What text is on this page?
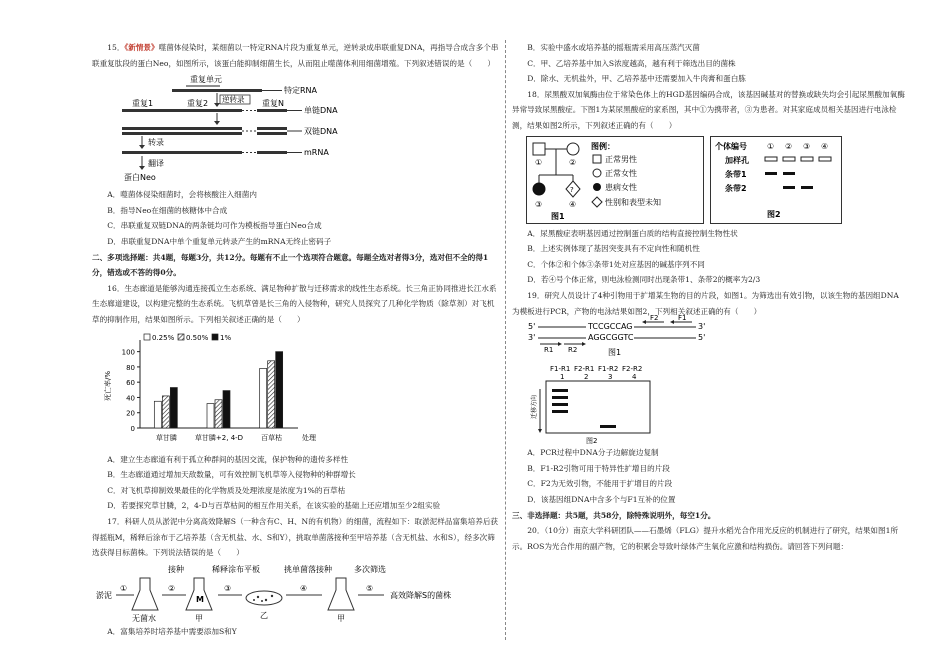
15．《新情景》噬菌体侵染时，某细菌以一特定RNA片段为重复单元，逆转录成串联重复DNA，再指导合成含多个串联重复肽段的蛋白Neo，如图所示，该蛋白能抑制细菌生长，从而阻止噬菌体利用细菌增殖。下列叙述错误的是（　　）

重复单元
特定RNA
逆转录
重复1	重复2	重复N
单链DNA
双链DNA
转录
mRNA
翻译
蛋白Neo

A．噬菌体侵染细菌时，会将核酸注入细菌内

B．指导Neo在细菌的核糖体中合成

C．串联重复双链DNA的两条链均可作为模板指导蛋白Neo合成

D．串联重复DNA中单个重复单元转录产生的mRNA无终止密码子

二、多项选择题：共4题，每题3分，共12分。每题有不止一个选项符合题意。每题全选对者得3分，选对但不全的得1分，错选或不答的得0分。

16．生态廊道是能够沟通连接孤立生态系统、满足物种扩散与迁移需求的线性生态系统。长三角正协同推进长江水系生态廊道建设，以构建完整的生态系统。飞机草曾是长三角的入侵物种，研究人员探究了几种化学物质（除草剂）对飞机草的抑制作用，结果如图所示。下列相关叙述正确的是（　　）

0
20
40
60
80
100
死亡率/%
处理
草甘膦	草甘膦+2, 4-D	百草枯
0.25% 0.50% 1%

A．建立生态廊道有利于孤立种群间的基因交流，保护物种的遗传多样性

B．生态廊道通过增加天敌数量，可有效控制飞机草等入侵物种的种群增长

C．对飞机草抑制效果最佳的化学物质及处理浓度是浓度为1%的百草枯

D．若要探究草甘膦，2，4-D与百草枯间的相互作用关系，在该实验的基础上还应增加至少2组实验

17．科研人员从淤泥中分离高效降解S（一种含有C、H、N的有机物）的细菌，流程如下：取淤泥样品富集培养后获得摇瓶M，稀释后涂布于乙培养基（含无机盐、水、S和Y），挑取单菌落接种至甲培养基（含无机盐、水和S），经多次筛选获得目标菌株。下列说法错误的是（　　）

淤泥
①
无菌水
接种
②
M
甲
稀释涂布平板
③
乙
挑单菌落接种
④
甲
多次筛选
⑤
高效降解S的菌株

A．富集培养时培养基中需要添加S和Y

B．实验中盛水或培养基的摇瓶需采用高压蒸汽灭菌

C．甲、乙培养基中加入S浓度越高，越有利于筛选出目的菌株

D．除水、无机盐外，甲、乙培养基中还需要加入牛肉膏和蛋白胨

18．尿黑酸双加氧酶由位于常染色体上的HGD基因编码合成，该基因碱基对的替换或缺失均会引起尿黑酸加氧酶异常导致尿黑酸症。下图1为某尿黑酸症的家系图，其中①为携带者，③为患者。对其家庭成员相关基因进行电泳检测，结果如图2所示，下列叙述正确的有（　　）

①	②
?
③	④
图1
图例：
正常男性
正常女性
患病女性
性别和表型未知
个体编号	① ② ③ ④
加样孔
条带1
条带2
图2

A．尿黑酸症表明基因通过控制蛋白质的结构直接控制生物性状

B．上述实例体现了基因突变具有不定向性和随机性

C．个体②和个体③条带1处对应基因的碱基序列不同

D．若④号个体正常，则电泳检测同时出现条带1、条带2的概率为2/3

19．研究人员设计了4种引物用于扩增某生物的目的片段，如图1。为筛选出有效引物，以该生物的基因组DNA为模板进行PCR，产物的电泳结果如图2，下列相关叙述正确的有（　　）

5'	TCCGCCAG	3'
3'	AGGCGGTC	5'
F2	F1
R1 R2	图1
F1-R1 F2-R1 F1-R2 F2-R2
1	2	3	4
迁移方向
图2

A．PCR过程中DNA分子边解旋边复制

B．F1-R2引物可用于特异性扩增目的片段

C．F2为无效引物，不能用于扩增目的片段

D．该基因组DNA中含多个与F1互补的位置

三、非选择题：共5题，共58分，除特殊说明外，每空1分。

20．（10分）南京大学科研团队——石墨烯（FLG）提升水稻光合作用光反应的机制进行了研究，结果如图1所示。ROS为光合作用的副产物，它的积累会导致叶绿体产生氧化应激和结构损伤。请回答下列问题：
